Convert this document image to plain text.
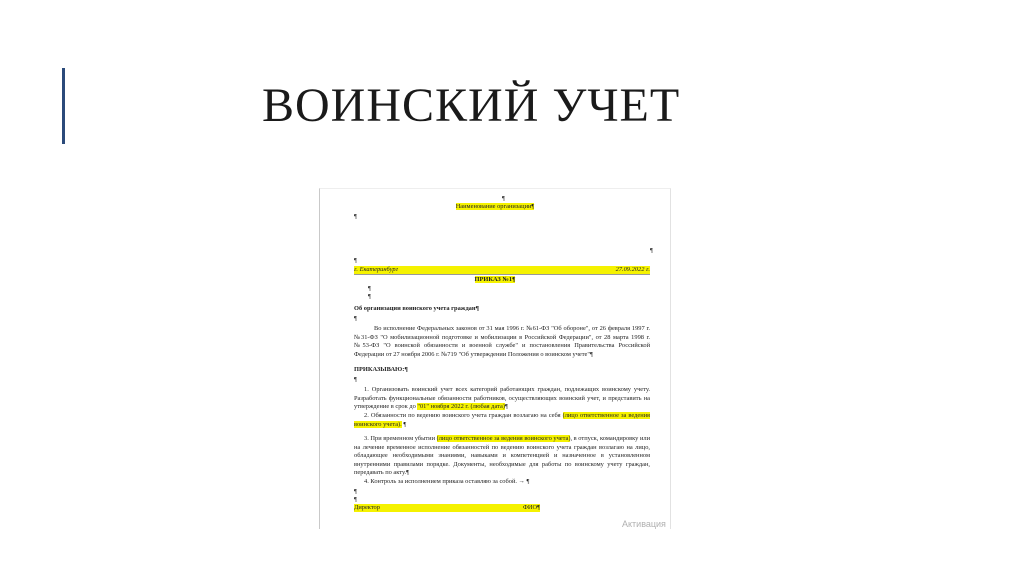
ВОИНСКИЙ УЧЕТ
¶
Наименование организации¶
¶
¶
¶
г. Екатеринбург	27.09.2022 г.
ПРИКАЗ №1¶
¶
¶
Об организации воинского учета граждан¶
¶
Во исполнение Федеральных законов от 31 мая 1996 г. №61-ФЗ "Об обороне", от 26 февраля 1997 г. №31-ФЗ "О мобилизационной подготовке и мобилизации в Российской Федерации", от 28 марта 1998 г. №53-ФЗ "О воинской обязанности и военной службе" и постановления Правительства Российской Федерации от 27 ноября 2006 г. №719 "Об утверждении Положения о воинском учете"¶
ПРИКАЗЫВАЮ:¶
¶
1. Организовать воинский учет всех категорий работающих граждан, подлежащих воинскому учету. Разработать функциональные обязанности работников, осуществляющих воинский учет, и представить на утверждение в срок до "01" ноября 2022 г. (любая дата)¶
2. Обязанности по ведению воинского учета граждан возлагаю на себя (лицо ответственное за ведения воинского учета). ¶
3. При временном убытии (лицо ответственное за ведения воинского учета), в отпуск, командировку или на лечение временное исполнение обязанностей по ведению воинского учета граждан возлагаю на лицо, обладающее необходимыми знаниями, навыками и компетенцией и назначенное в установленном внутренними правилами порядке. Документы, необходимые для работы по воинскому учету граждан, передавать по акту.¶
4. Контроль за исполнением приказа оставляю за собой. → ¶
¶
¶
Директор	ФИО¶
Активация
